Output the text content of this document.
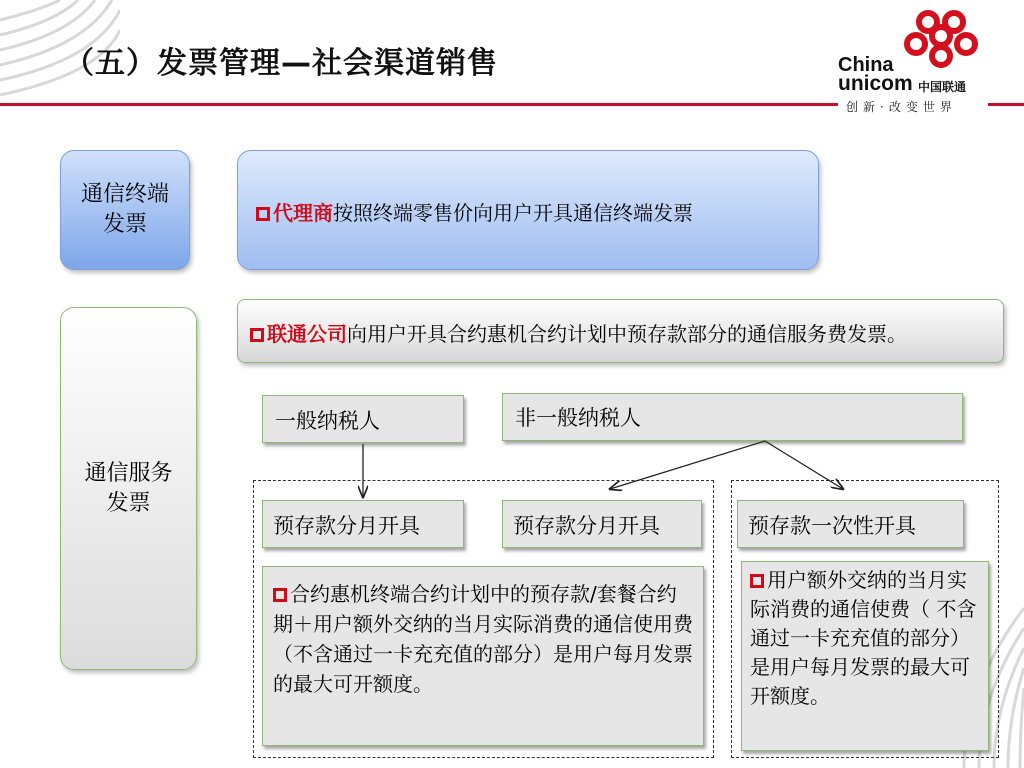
（五）发票管理—社会渠道销售	China
unicom 中国联通
创新·改变世界
通信终端发票	代理商按照终端零售价向用户开具通信终端发票
通信服务发票
联通公司向用户开具合约惠机合约计划中预存款部分的通信服务费发票。
一般纳税人	非一般纳税人
预存款分月开具	预存款分月开具	预存款一次性开具
合约惠机终端合约计划中的预存款/套餐合约期＋用户额外交纳的当月实际消费的通信使用费（不含通过一卡充充值的部分）是用户每月发票的最大可开额度。
用户额外交纳的当月实际消费的通信使费（ 不含通过一卡充充值的部分）是用户每月发票的最大可开额度。
